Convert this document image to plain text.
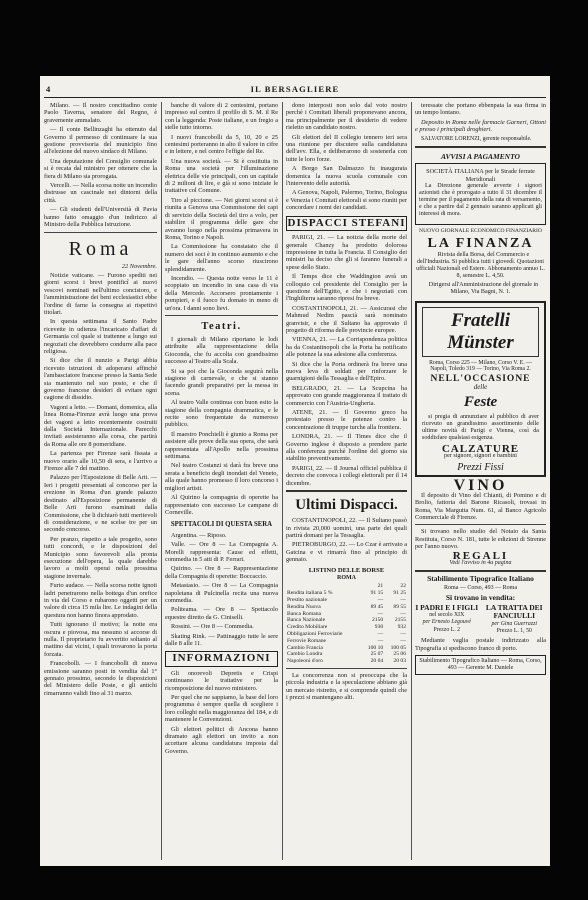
4	IL BERSAGLIERE

Milano. — Il nostro concittadino conte Paolo Taverna, senatore del Regno, è gravemente ammalato.

— Il conte Bellinzaghi ha ottenuto dal Governo il permesso di continuare la sua gestione provvisoria del municipio fino all'elezione del nuovo sindaco di Milano.

Una deputazione del Consiglio comunale si è recata dal ministro per ottenere che la fiera di Milano sia prorogata.

Vercelli. — Nella scorsa notte un incendio distrusse un cascinale nei dintorni della città.

— Gli studenti dell'Università di Pavia hanno fatto omaggio d'un indirizzo al Ministro della Pubblica Istruzione.

Roma
22 Novembre.

Notizie vaticane. — Furono spediti nei giorni scorsi i brevi pontificî ai nuovi vescovi nominati nell'ultimo concistoro, e l'amministrazione dei beni ecclesiastici ebbe l'ordine di farne la consegna ai rispettivi titolari.

In questa settimana il Santo Padre ricevette in udienza l'incaricato d'affari di Germania col quale si trattenne a lungo sui negoziati che dovrebbero condurre alla pace religiosa.

Si dice che il nunzio a Parigi abbia ricevuto istruzioni di adoperarsi affinchè l'ambasciatore francese presso la Santa Sede sia mantenuto nel suo posto, e che il governo francese desideri di evitare ogni cagione di dissidio.

Vagoni a letto. — Domani, domenica, alla linea Roma-Firenze avrà luogo una prova dei vagoni a letto recentemente costruiti dalla Società Internazionale. Parecchi invitati assisteranno alla corsa, che partirà da Roma alle ore 8 pomeridiane.

La partenza per Firenze sarà fissata a nuovo orario alle 10,50 di sera, e l'arrivo a Firenze alle 7 del mattino.

Palazzo per l'Esposizione di Belle Arti. — Ieri i progetti presentati al concorso per la erezione in Roma d'un grande palazzo destinato all'Esposizione permanente di Belle Arti furono esaminati dalla Commissione, che li dichiarò tutti meritevoli di considerazione, e ne scelse tre per un secondo concorso.

Per pranzo, rispetto a tale progetto, sono tutti concordi, e le disposizioni del Municipio sono favorevoli alla pronta esecuzione dell'opera, la quale darebbe lavoro a molti operai nella prossima stagione invernale.

Furto audace. — Nella scorsa notte ignoti ladri penetrarono nella bottega d'un orefice in via del Corso e rubarono oggetti per un valore di circa 15 mila lire. Le indagini della questura non hanno finora approdato.

Tutti ignorano il motivo; la notte era oscura e piovosa, ma nessuno si accorse di nulla. Il proprietario fu avvertito soltanto al mattino dai vicini, i quali trovarono la porta forzata.

Francobolli. — I francobolli di nuova emissione saranno posti in vendita dal 1° gennaio prossimo, secondo le disposizioni del Ministero delle Poste, e gli antichi rimarranno validi fino al 31 marzo.

banche di valore di 2 centesimi, portano impresso sul centro il profilo di S. M. il Re con la leggenda: Poste italiane, e un fregio a stelle tutto intorno.

I nuovi francobolli da 5, 10, 20 e 25 centesimi porteranno in alto il valore in cifre e in lettere, e nel centro l'effigie del Re.

Una nuova società. — Si è costituita in Roma una società per l'illuminazione elettrica delle vie principali, con un capitale di 2 milioni di lire, e già si sono iniziate le trattative col Comune.

Tiro al piccione. — Nei giorni scorsi si è riunita a Genova una Commissione dei capi di servizio della Società del tiro a volo, per stabilire il programma delle gare che avranno luogo nella prossima primavera in Roma, Torino e Napoli.

La Commissione ha constatato che il numero dei soci è in continuo aumento e che le gare dell'anno scorso riuscirono splendidamente.

Incendio. — Questa notte verso le 11 è scoppiato un incendio in una casa di via della Mercede. Accorsero prontamente i pompieri, e il fuoco fu domato in meno di un'ora. I danni sono lievi.

Teatri.

I giornali di Milano riportano le lodi attribuite alla rappresentazione della Gioconda, che fu accolta con grandissimo successo al Teatro alla Scala.

Si sa poi che la Gioconda seguirà nella stagione di carnevale, e che si stanno facendo grandi preparativi per la messa in scena.

Al teatro Valle continua con buon esito la stagione della compagnia drammatica, e le recite sono frequentate da numeroso pubblico.

Il maestro Ponchielli è giunto a Roma per assistere alle prove della sua opera, che sarà rappresentata all'Apollo nella prossima settimana.

Nel teatro Costanzi si darà fra breve una serata a beneficio degli inondati del Veneto, alla quale hanno promesso il loro concorso i migliori artisti.

Al Quirino la compagnia di operette ha rappresentato con successo Le campane di Corneville.

SPETTACOLI DI QUESTA SERA

Argentina. — Riposo.

Valle. — Ore 8 — La Compagnia A. Morelli rappresenta: Cause ed effetti, commedia in 5 atti di P. Ferrari.

Quirino. — Ore 8 — Rappresentazione della Compagnia di operette: Boccaccio.

Metastasio. — Ore 8 — La Compagnia napoletana di Pulcinella recita una nuova commedia.

Politeama. — Ore 8 — Spettacolo equestre diretto da G. Ciniselli.

Rossini. — Ore 8 — Commedia.

Skating Rink. — Pattinaggio tutte le sere dalle 8 alle 11.

INFORMAZIONI

Gli onorevoli Depretis e Crispi continuano le trattative per la ricomposizione del nuovo ministero.

Per quel che ne sappiamo, la base del loro programma è sempre quella di scegliere i loro colleghi nella maggioranza del 184, e di mantenere le Convenzioni.

Gli elettori politici di Ancona hanno diramato agli elettori un invito a non accettare alcuna candidatura imposta dal Governo.

dono interposti non solo dal voto nostro perchè i Comitati liberali proponevano ancora, ma principalmente per il desiderio di vedere rieletto un candidato nostro.

Gli elettori del II collegio tennero ieri sera una riunione per discutere sulla candidatura dell'avv. Ella, e deliberarono di sostenerla con tutte le loro forze.

A Borgo San Dalmazzo fu inaugurata domenica la nuova scuola comunale con l'intervento delle autorità.

A Genova, Napoli, Palermo, Torino, Bologna e Venezia i Comitati elettorali si sono riuniti per concordare i nomi dei candidati.

DISPACCI STEFANI

PARIGI, 21. — La notizia della morte del generale Chanzy ha prodotto dolorosa impressione in tutta la Francia. Il Consiglio dei ministri ha deciso che gli si faranno funerali a spese dello Stato.

Il Temps dice che Waddington avrà un colloquio col presidente del Consiglio per la questione dell'Egitto, e che i negoziati con l'Inghilterra saranno ripresi fra breve.

COSTANTINOPOLI, 21. — Assicurasi che Mahmud Nedim pascià sarà nominato granvisir, e che il Sultano ha approvato il progetto di riforma delle provincie europee.

VIENNA, 21. — La Corrispondenza politica ha da Costantinopoli che la Porta ha notificato alle potenze la sua adesione alla conferenza.

Si dice che la Porta ordinerà fra breve una nuova leva di soldati per rinforzare le guarnigioni della Tessaglia e dell'Epiro.

BELGRADO, 21. — La Scupcina ha approvato con grande maggioranza il trattato di commercio con l'Austria-Ungheria.

ATENE, 21. — Il Governo greco ha protestato presso le potenze contro la concentrazione di truppe turche alla frontiera.

LONDRA, 21. — Il Times dice che il Governo inglese è disposto a prendere parte alla conferenza purchè l'ordine del giorno sia stabilito preventivamente.

PARIGI, 22. — Il Journal officiel pubblica il decreto che convoca i collegi elettorali per il 14 dicembre.

Ultimi Dispacci.

COSTANTINOPOLI, 22. — Il Sultano passò in rivista 20,000 uomini, una parte dei quali partirà domani per la Tessaglia.

PIETROBURGO, 22. — Lo Czar è arrivato a Gatcina e vi rimarrà fino al principio di gennaio.

LISTINO DELLE BORSE
ROMA
	21	22
Rendita italiana 5 %	91 15	91 25
Prestito nazionale	—	—
Rendita Nuova	89 45	89 55
Banca Romana	—	—
Banca Nazionale	2150	2155
Credito Mobiliare	930	932
Obbligazioni Ferroviarie	—	—
Ferrovie Romane	—	—
Cambio Francia	100 10	100 05
Cambio Londra	25 07	25 06
Napoleoni d'oro	20 04	20 03

La concorrenza non si preoccupa che la piccola industria e la speculazione abbiano già un mercato ristretto, e si comprende quindi che i prezzi si mantengano alti.

teressate che portano ebbenpata la sua firma in un tempo lontano.

Deposito in Roma nelle farmacie Garneri, Ottoni e presso i principali droghieri.

SALVATORE LORENZI, gerente responsabile.

AVVISI A PAGAMENTO
SOCIETÀ ITALIANA per le Strade ferrate Meridionali

La Direzione generale avverte i signori azionisti che è prorogato a tutto il 31 dicembre il termine per il pagamento della rata di versamento, e che a partire dal 2 gennaio saranno applicati gli interessi di mora.

NUOVO GIORNALE ECONOMICO FINANZIARIO
LA FINANZA

Rivista della Borsa, del Commercio e dell'Industria. Si pubblica tutti i giovedì. Quotazioni ufficiali Nazionali ed Estere. Abbonamento annuo L. 8, semestre L. 4,50.

Dirigersi all'Amministrazione del giornale in Milano, Via Bagni, N. 1.

Fratelli Münster
Roma, Corso 225 — Milano, Corso V. E. — Napoli, Toledo 319 — Torino, Via Roma 2.
NELL'OCCASIONE
delle
Feste

si pregia di annunziare al pubblico di aver ricevuto un grandissimo assortimento delle ultime novità di Parigi e Vienna, così da soddisfare qualsiasi esigenza.

CALZATURE
per signore, signori e bambini
Prezzi Fissi
VINO

Il deposito di Vino del Chianti, di Pomino e di Brolio, fattoria del Barone Ricasoli, trovasi in Roma, Via Margutta Num. 61, al Banco Agricolo Commerciale di Firenze.

Si trovano nello studio del Notaio da Santa Restituta, Corso N. 181, tutte le edizioni di Strenne per l'anno nuovo.

REGALI
Vedi l'avviso in 4a pagina
Stabilimento Tipografico Italiano
Roma — Corso, 493 — Roma
Si trovano in vendita:
I PADRI E I FIGLI
nel secolo XIX
per Ernesto Legouvé
Prezzo L. 2
LA TRATTA DEI FANCIULLI
per Gina Guerrazzi
Prezzo L. 1, 50

Mediante vaglia postale indirizzato alla Tipografia si spediscono franco di porto.

Stabilimento Tipografico Italiano — Roma, Corso, 493 — Gerente M. Daniele
